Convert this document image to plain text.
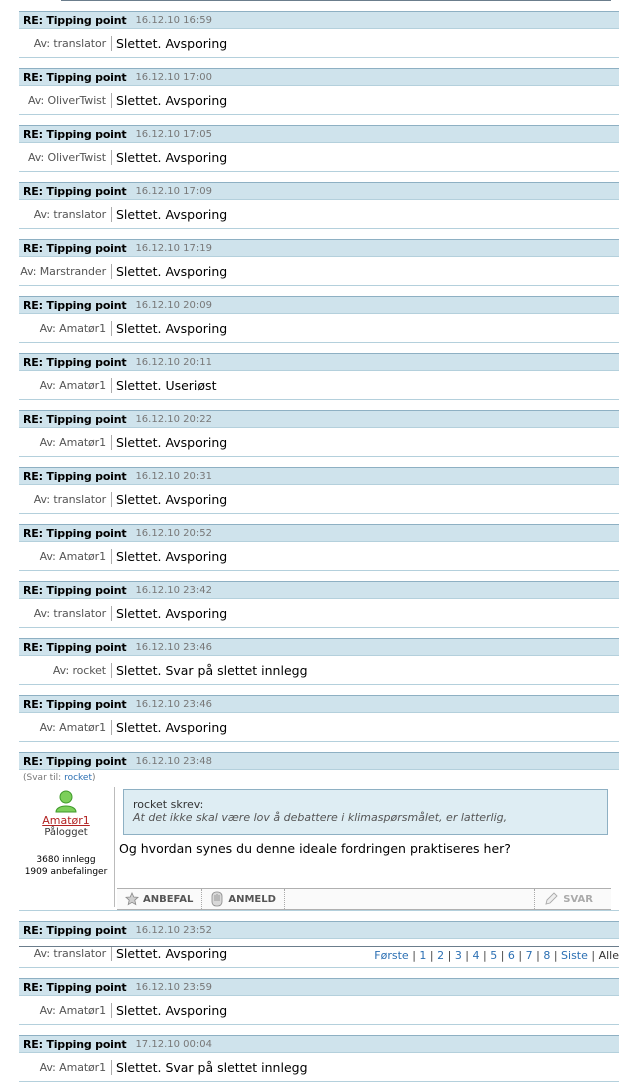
RE: Tipping point 16.12.10 16:59
Av: translator Slettet. Avsporing
RE: Tipping point 16.12.10 17:00
Av: OliverTwist Slettet. Avsporing
RE: Tipping point 16.12.10 17:05
Av: OliverTwist Slettet. Avsporing
RE: Tipping point 16.12.10 17:09
Av: translator Slettet. Avsporing
RE: Tipping point 16.12.10 17:19
Av: Marstrander Slettet. Avsporing
RE: Tipping point 16.12.10 20:09
Av: Amatør1 Slettet. Avsporing
RE: Tipping point 16.12.10 20:11
Av: Amatør1 Slettet. Useriøst
RE: Tipping point 16.12.10 20:22
Av: Amatør1 Slettet. Avsporing
RE: Tipping point 16.12.10 20:31
Av: translator Slettet. Avsporing
RE: Tipping point 16.12.10 20:52
Av: Amatør1 Slettet. Avsporing
RE: Tipping point 16.12.10 23:42
Av: translator Slettet. Avsporing
RE: Tipping point 16.12.10 23:46
Av: rocket Slettet. Svar på slettet innlegg
RE: Tipping point 16.12.10 23:46
Av: Amatør1 Slettet. Avsporing
RE: Tipping point 16.12.10 23:48
(Svar til: rocket)
Amatør1
Pålogget
3680 innlegg
1909 anbefalinger
rocket skrev:
At det ikke skal være lov å debattere i klimaspørsmålet, er latterlig,
Og hvordan synes du denne ideale fordringen praktiseres her?
ANBEFAL	ANMELD	SVAR
RE: Tipping point 16.12.10 23:52
Av: translator Slettet. Avsporing
RE: Tipping point 16.12.10 23:59
Av: Amatør1 Slettet. Avsporing
RE: Tipping point 17.12.10 00:04
Av: Amatør1 Slettet. Svar på slettet innlegg
Første | 1 | 2 | 3 | 4 | 5 | 6 | 7 | 8 | Siste | Alle
